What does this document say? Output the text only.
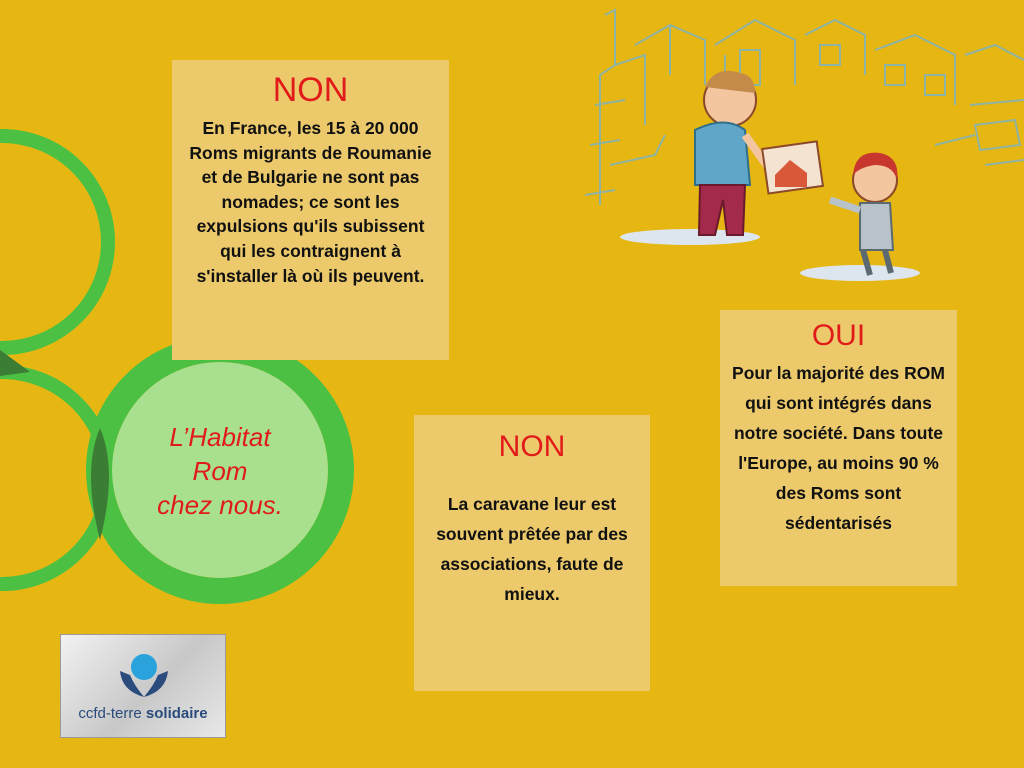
L’Habitat
Rom
chez nous.
NON
En France, les 15 à 20 000 Roms migrants de Roumanie et de Bulgarie ne sont pas nomades; ce sont les expulsions qu'ils subissent qui les contraignent à s'installer là où ils peuvent.
NON
La caravane leur est souvent prêtée par des associations, faute de mieux.
OUI
Pour la majorité des ROM qui sont intégrés dans notre société. Dans toute l'Europe, au moins 90 % des Roms sont sédentarisés
ccfd-terre solidaire
